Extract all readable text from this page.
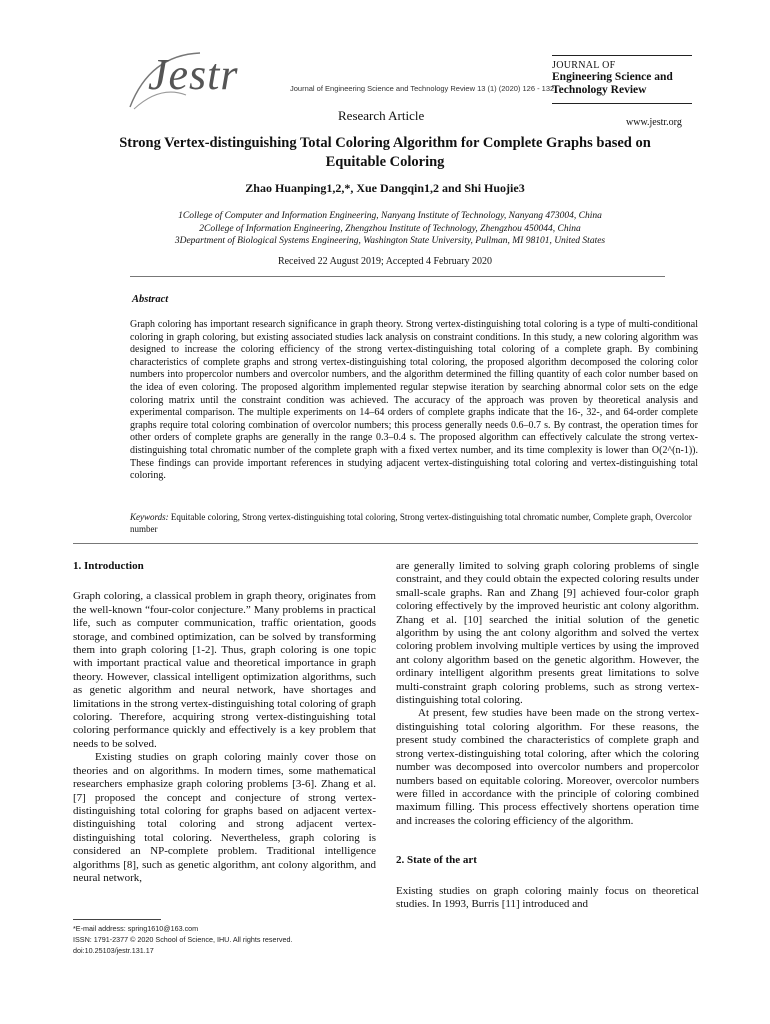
Jestr	Journal of Engineering Science and Technology Review 13 (1) (2020) 126 - 132
Research Article
JOURNAL OF
Engineering Science and Technology Review
www.jestr.org
Strong Vertex-distinguishing Total Coloring Algorithm for Complete Graphs based on Equitable Coloring
Zhao Huanping1,2,*, Xue Dangqin1,2 and Shi Huojie3
1College of Computer and Information Engineering, Nanyang Institute of Technology, Nanyang 473004, China
2College of Information Engineering, Zhengzhou Institute of Technology, Zhengzhou 450044, China
3Department of Biological Systems Engineering, Washington State University, Pullman, MI 98101, United States
Received 22 August 2019; Accepted 4 February 2020
Abstract
Graph coloring has important research significance in graph theory. Strong vertex-distinguishing total coloring is a type of multi-conditional coloring in graph coloring, but existing associated studies lack analysis on constraint conditions. In this study, a new coloring algorithm was designed to increase the coloring efficiency of the strong vertex-distinguishing total coloring of a complete graph. By combining characteristics of complete graphs and strong vertex-distinguishing total coloring, the proposed algorithm decomposed the coloring color numbers into propercolor numbers and overcolor numbers, and the algorithm determined the filling quantity of each color number based on the idea of even coloring. The proposed algorithm implemented regular stepwise iteration by searching abnormal color sets on the edge coloring matrix until the constraint condition was achieved. The accuracy of the approach was proven by theoretical analysis and experimental comparison. The multiple experiments on 14–64 orders of complete graphs indicate that the 16-, 32-, and 64-order complete graphs require total coloring combination of overcolor numbers; this process generally needs 0.6–0.7 s. By contrast, the operation times for other orders of complete graphs are generally in the range 0.3–0.4 s. The proposed algorithm can effectively calculate the strong vertex-distinguishing total chromatic number of the complete graph with a fixed vertex number, and its time complexity is lower than O(2^(n-1)). These findings can provide important references in studying adjacent vertex-distinguishing total coloring and vertex-distinguishing total coloring.
Keywords: Equitable coloring, Strong vertex-distinguishing total coloring, Strong vertex-distinguishing total chromatic number, Complete graph, Overcolor number
1. Introduction

Graph coloring, a classical problem in graph theory, originates from the well-known “four-color conjecture.” Many problems in practical life, such as computer communication, traffic orientation, goods storage, and combined optimization, can be solved by transforming them into graph coloring [1-2]. Thus, graph coloring is one topic with important practical value and theoretical importance in graph theory. However, classical intelligent optimization algorithms, such as genetic algorithm and neural network, have shortages and limitations in the strong vertex-distinguishing total coloring of graph coloring. Therefore, acquiring strong vertex-distinguishing total coloring performance quickly and effectively is a key problem that needs to be solved.

Existing studies on graph coloring mainly cover those on theories and on algorithms. In modern times, some mathematical researchers emphasize graph coloring problems [3-6]. Zhang et al. [7] proposed the concept and conjecture of strong vertex-distinguishing total coloring for graphs based on adjacent vertex-distinguishing total coloring and strong adjacent vertex-distinguishing total coloring. Nevertheless, graph coloring is considered an NP-complete problem. Traditional intelligence algorithms [8], such as genetic algorithm, ant colony algorithm, and neural network,

are generally limited to solving graph coloring problems of single constraint, and they could obtain the expected coloring results under small-scale graphs. Ran and Zhang [9] achieved four-color graph coloring effectively by the improved heuristic ant colony algorithm. Zhang et al. [10] searched the initial solution of the genetic algorithm by using the ant colony algorithm and solved the vertex coloring problem involving multiple vertices by using the improved ant colony algorithm based on the genetic algorithm. However, the ordinary intelligent algorithm presents great limitations to solve multi-constraint graph coloring problems, such as strong vertex-distinguishing total coloring.

At present, few studies have been made on the strong vertex-distinguishing total coloring algorithm. For these reasons, the present study combined the characteristics of complete graph and strong vertex-distinguishing total coloring, after which the coloring number was decomposed into overcolor numbers and propercolor numbers based on equitable coloring. Moreover, overcolor numbers were filled in accordance with the principle of coloring combined maximum filling. This process effectively shortens operation time and increases the coloring efficiency of the algorithm.

2. State of the art

Existing studies on graph coloring mainly focus on theoretical studies. In 1993, Burris [11] introduced and

*E-mail address: spring1610@163.com
ISSN: 1791-2377 © 2020 School of Science, IHU. All rights reserved.
doi:10.25103/jestr.131.17
